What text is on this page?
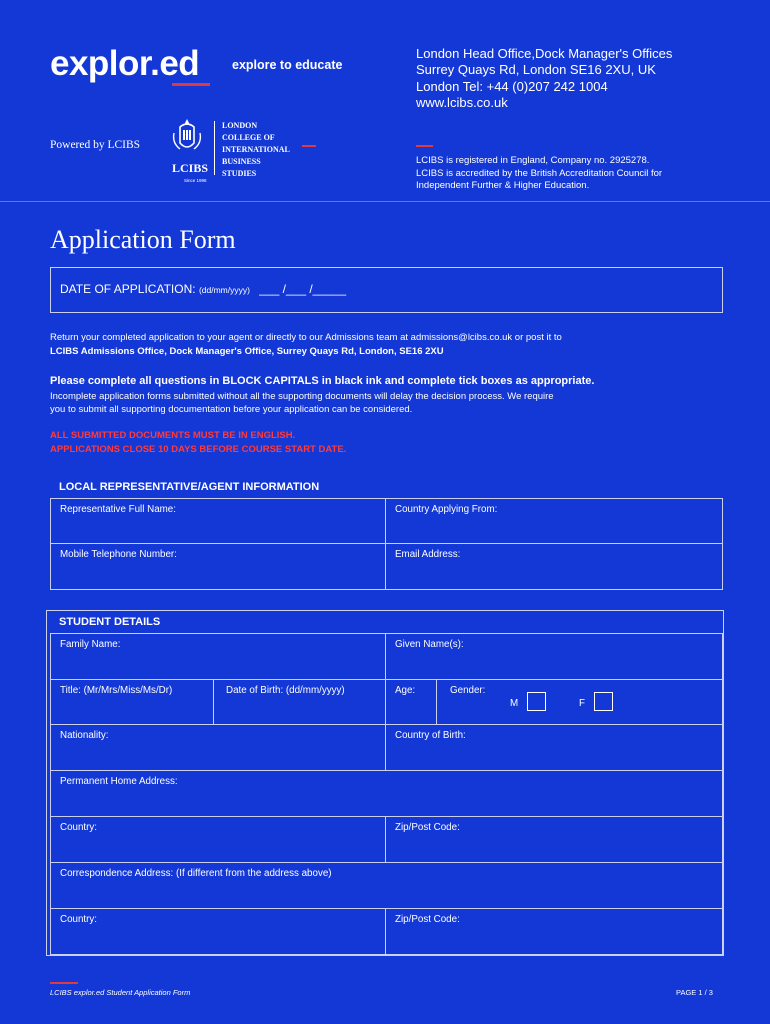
explor.ed	explore to educate
Powered by LCIBS
LCIBS
Since 1998
LONDON
COLLEGE OF
INTERNATIONAL
BUSINESS
STUDIES
London Head Office,Dock Manager's Offices
Surrey Quays Rd, London SE16 2XU, UK
London Tel: +44 (0)207 242 1004
www.lcibs.co.uk
LCIBS is registered in England, Company no. 2925278.
LCIBS is accredited by the British Accreditation Council for
Independent Further & Higher Education.
Application Form
DATE OF APPLICATION: (dd/mm/yyyy) ___ /___ /_____
Return your completed application to your agent or directly to our Admissions team at admissions@lcibs.co.uk or post it to
LCIBS Admissions Office, Dock Manager's Office, Surrey Quays Rd, London, SE16 2XU
Please complete all questions in BLOCK CAPITALS in black ink and complete tick boxes as appropriate.
Incomplete application forms submitted without all the supporting documents will delay the decision process. We require
you to submit all supporting documentation before your application can be considered.
ALL SUBMITTED DOCUMENTS MUST BE IN ENGLISH.
APPLICATIONS CLOSE 10 DAYS BEFORE COURSE START DATE.
LOCAL REPRESENTATIVE/AGENT INFORMATION
Representative Full Name:	Country Applying From:
Mobile Telephone Number:	Email Address:
STUDENT DETAILS
Family Name:	Given Name(s):
Title: (Mr/Mrs/Miss/Ms/Dr)	Date of Birth: (dd/mm/yyyy)	Age:	Gender:
M	F
Nationality:	Country of Birth:
Permanent Home Address:
Country:	Zip/Post Code:
Correspondence Address: (If different from the address above)
Country:	Zip/Post Code:
LCIBS explor.ed Student Application Form	PAGE 1 / 3
